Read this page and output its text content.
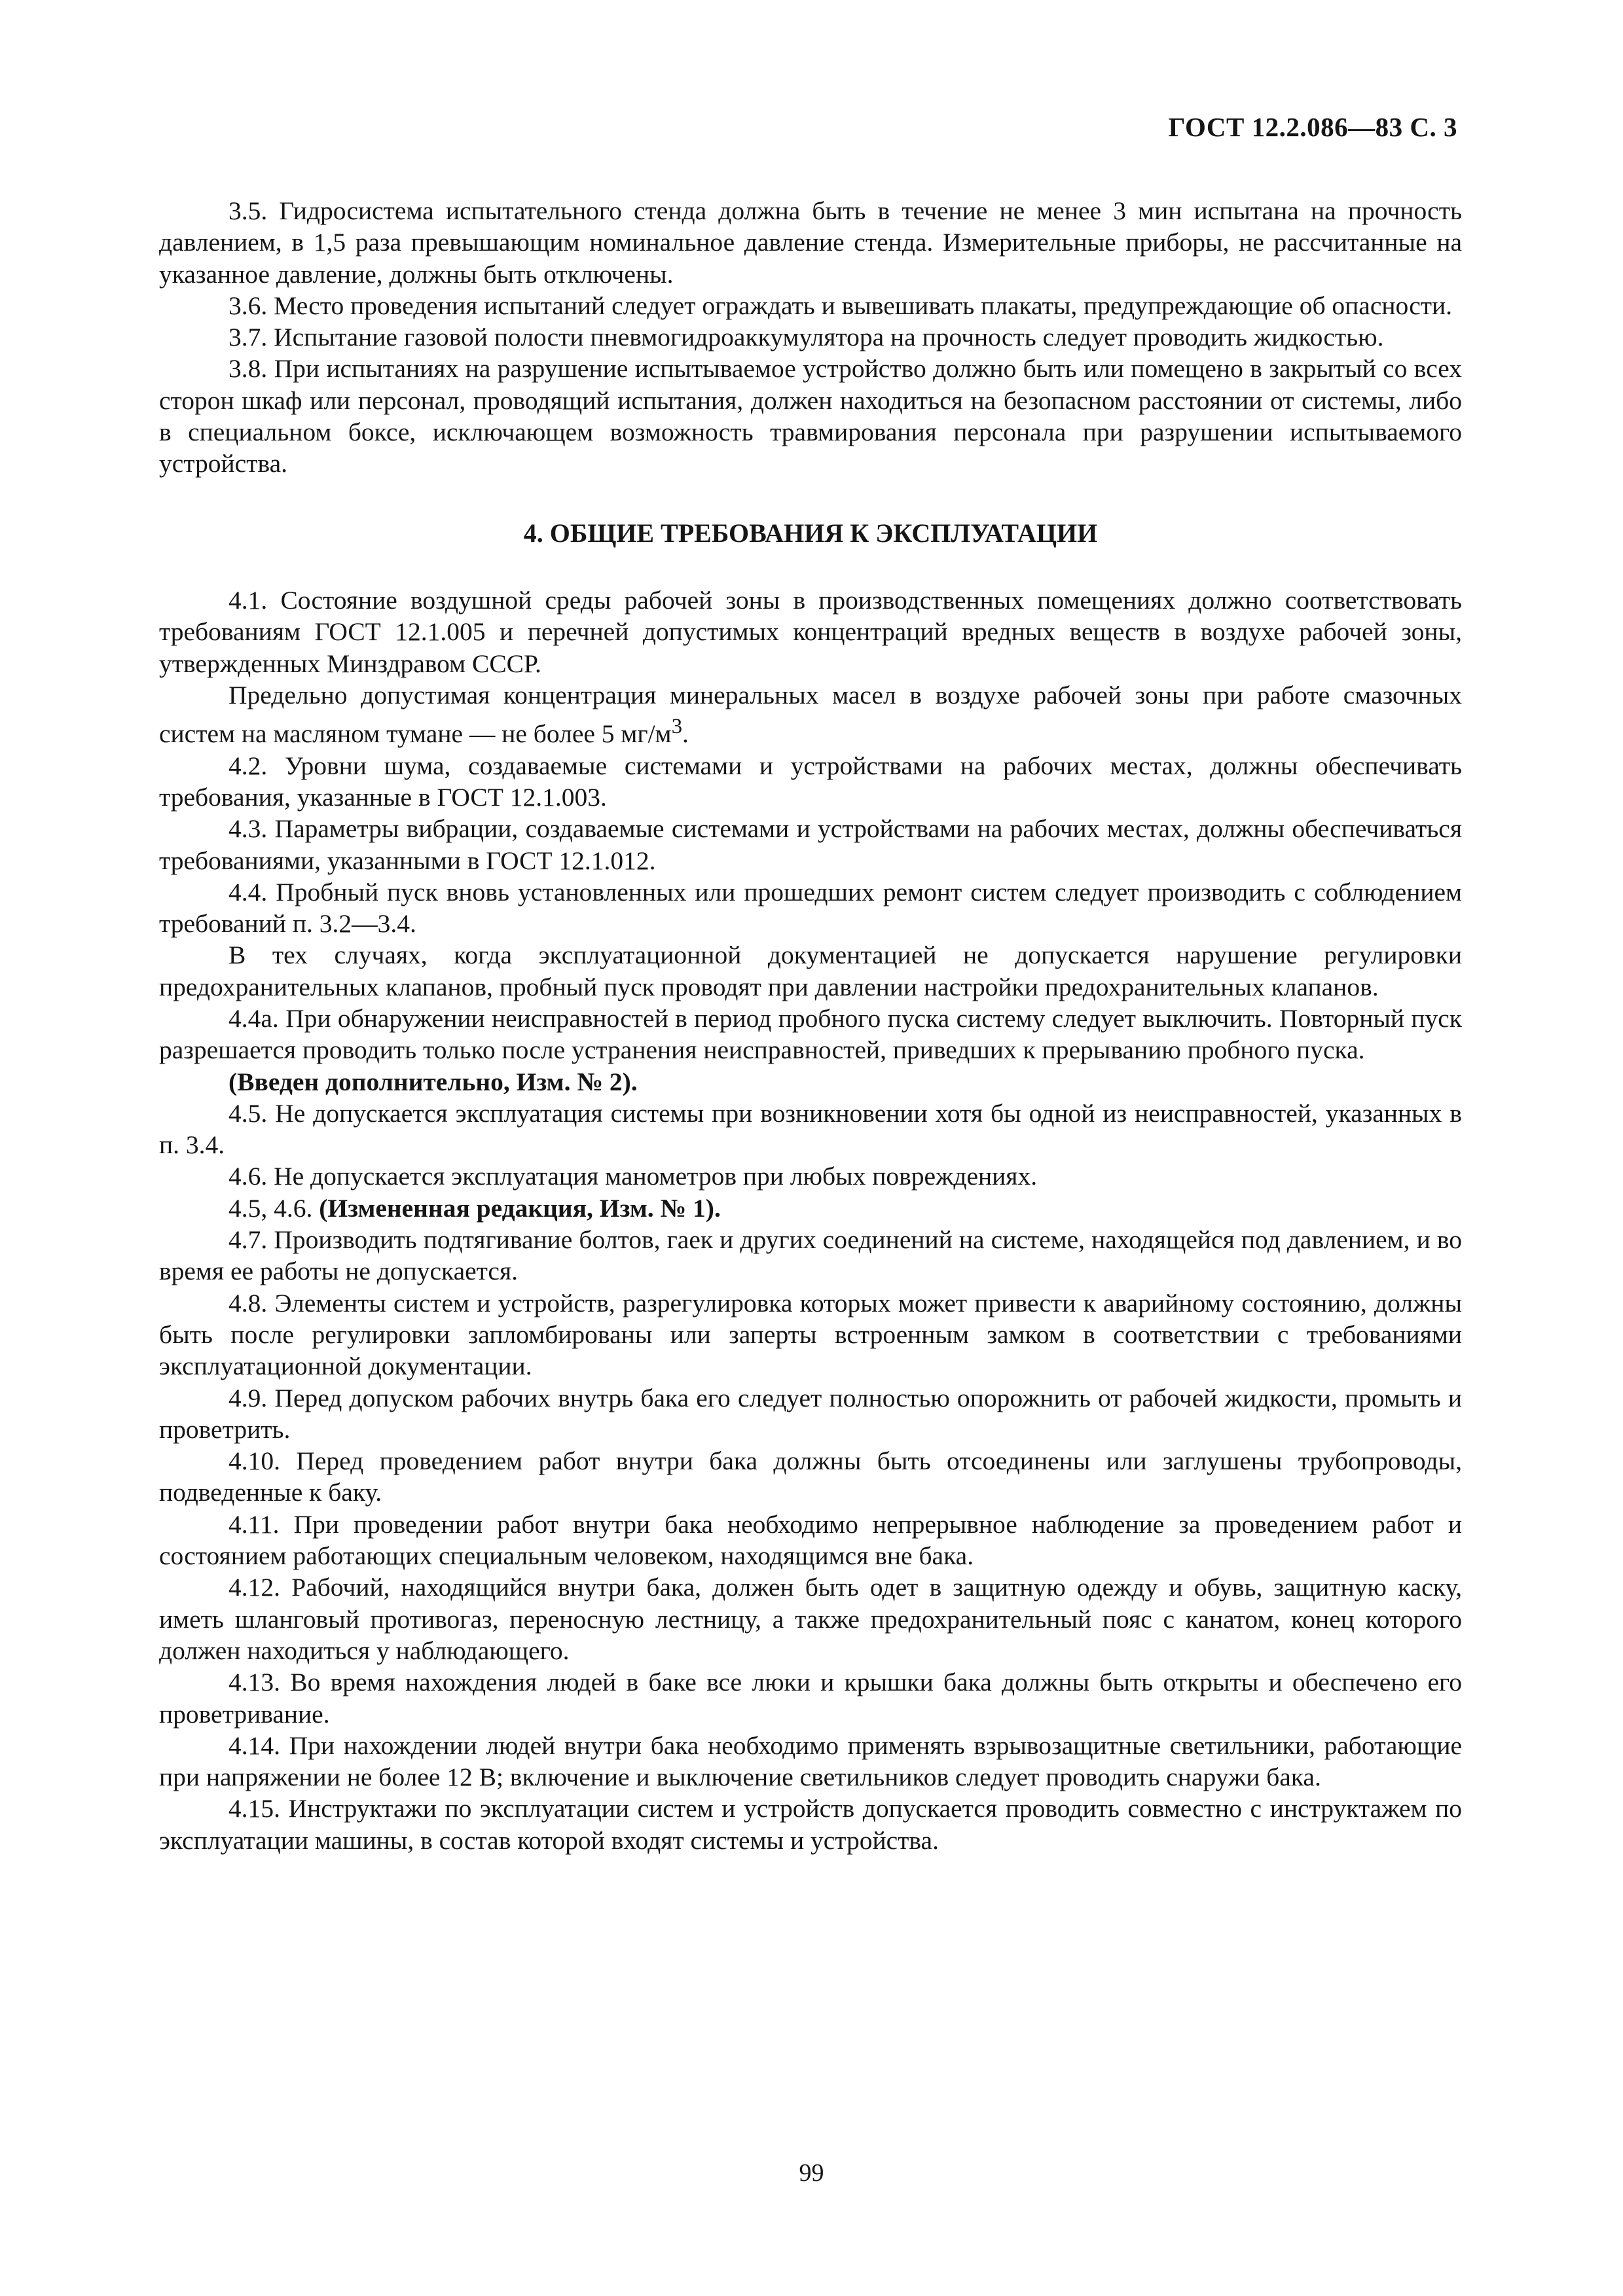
ГОСТ 12.2.086—83 С. 3

3.5. Гидросистема испытательного стенда должна быть в течение не менее 3 мин испытана на прочность давлением, в 1,5 раза превышающим номинальное давление стенда. Измерительные приборы, не рассчитанные на указанное давление, должны быть отключены.

3.6. Место проведения испытаний следует ограждать и вывешивать плакаты, предупреждающие об опасности.

3.7. Испытание газовой полости пневмогидроаккумулятора на прочность следует проводить жидкостью.

3.8. При испытаниях на разрушение испытываемое устройство должно быть или помещено в закрытый со всех сторон шкаф или персонал, проводящий испытания, должен находиться на безопасном расстоянии от системы, либо в специальном боксе, исключающем возможность травмирования персонала при разрушении испытываемого устройства.

4. ОБЩИЕ ТРЕБОВАНИЯ К ЭКСПЛУАТАЦИИ

4.1. Состояние воздушной среды рабочей зоны в производственных помещениях должно соответствовать требованиям ГОСТ 12.1.005 и перечней допустимых концентраций вредных веществ в воздухе рабочей зоны, утвержденных Минздравом СССР.

Предельно допустимая концентрация минеральных масел в воздухе рабочей зоны при работе смазочных систем на масляном тумане — не более 5 $мг/м^3$.

4.2. Уровни шума, создаваемые системами и устройствами на рабочих местах, должны обеспечивать требования, указанные в ГОСТ 12.1.003.

4.3. Параметры вибрации, создаваемые системами и устройствами на рабочих местах, должны обеспечиваться требованиями, указанными в ГОСТ 12.1.012.

4.4. Пробный пуск вновь установленных или прошедших ремонт систем следует производить с соблюдением требований п. 3.2—3.4.

В тех случаях, когда эксплуатационной документацией не допускается нарушение регулировки предохранительных клапанов, пробный пуск проводят при давлении настройки предохранительных клапанов.

4.4а. При обнаружении неисправностей в период пробного пуска систему следует выключить. Повторный пуск разрешается проводить только после устранения неисправностей, приведших к прерыванию пробного пуска.

(Введен дополнительно, Изм. № 2).

4.5. Не допускается эксплуатация системы при возникновении хотя бы одной из неисправностей, указанных в п. 3.4.

4.6. Не допускается эксплуатация манометров при любых повреждениях.

4.5, 4.6. (Измененная редакция, Изм. № 1).

4.7. Производить подтягивание болтов, гаек и других соединений на системе, находящейся под давлением, и во время ее работы не допускается.

4.8. Элементы систем и устройств, разрегулировка которых может привести к аварийному состоянию, должны быть после регулировки запломбированы или заперты встроенным замком в соответствии с требованиями эксплуатационной документации.

4.9. Перед допуском рабочих внутрь бака его следует полностью опорожнить от рабочей жидкости, промыть и проветрить.

4.10. Перед проведением работ внутри бака должны быть отсоединены или заглушены трубопроводы, подведенные к баку.

4.11. При проведении работ внутри бака необходимо непрерывное наблюдение за проведением работ и состоянием работающих специальным человеком, находящимся вне бака.

4.12. Рабочий, находящийся внутри бака, должен быть одет в защитную одежду и обувь, защитную каску, иметь шланговый противогаз, переносную лестницу, а также предохранительный пояс с канатом, конец которого должен находиться у наблюдающего.

4.13. Во время нахождения людей в баке все люки и крышки бака должны быть открыты и обеспечено его проветривание.

4.14. При нахождении людей внутри бака необходимо применять взрывозащитные светильники, работающие при напряжении не более 12 В; включение и выключение светильников следует проводить снаружи бака.

4.15. Инструктажи по эксплуатации систем и устройств допускается проводить совместно с инструктажем по эксплуатации машины, в состав которой входят системы и устройства.

99
